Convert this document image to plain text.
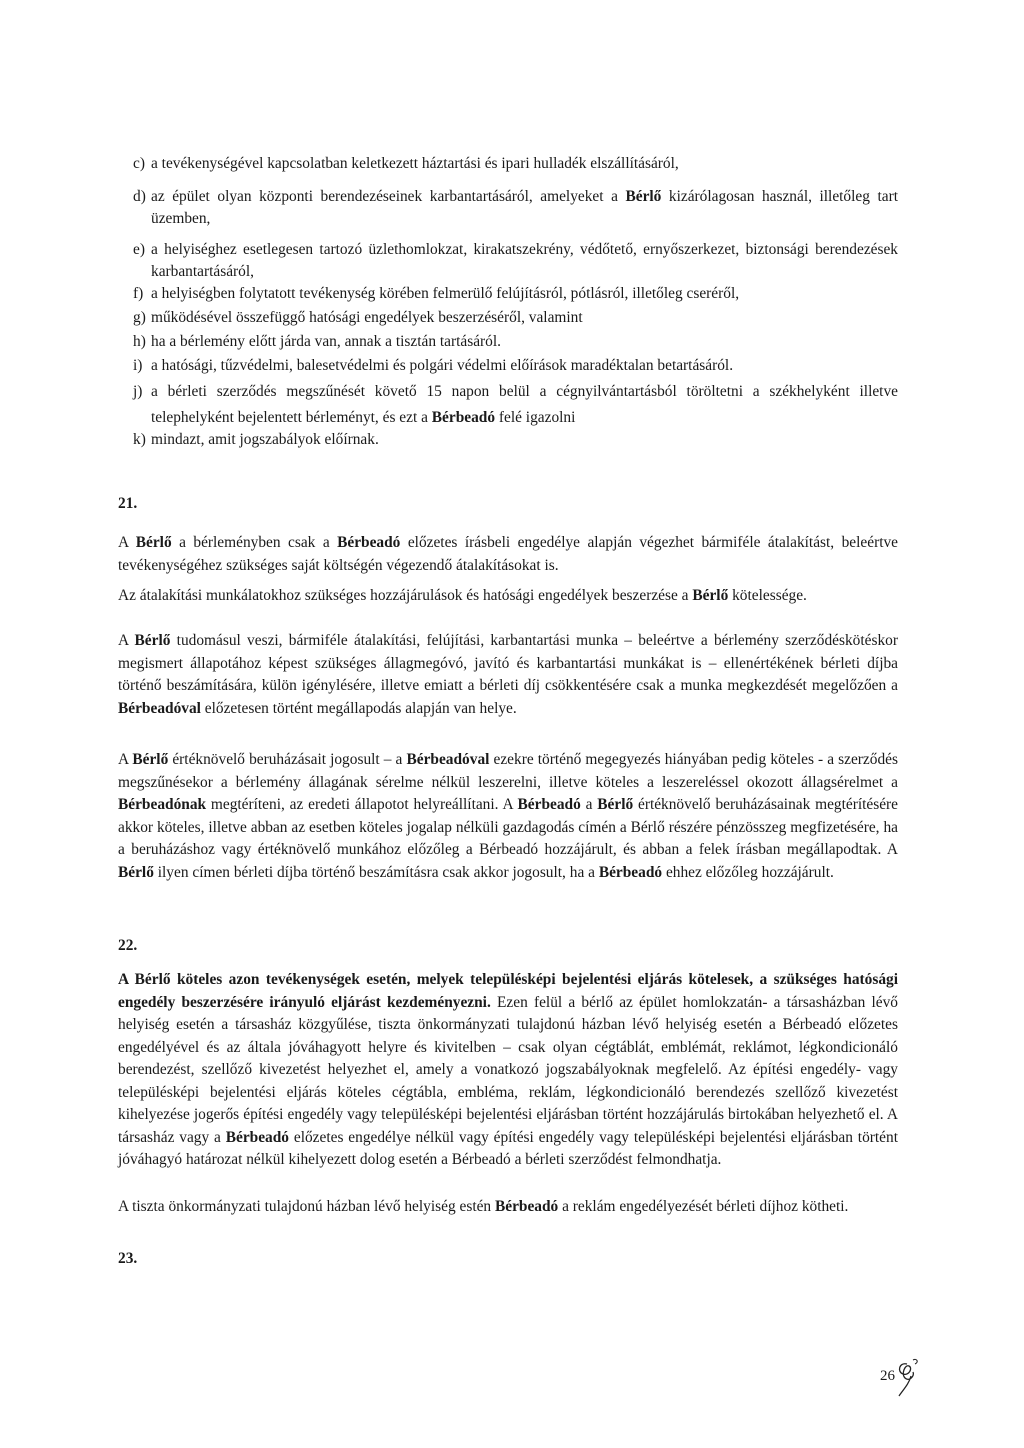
c) a tevékenységével kapcsolatban keletkezett háztartási és ipari hulladék elszállításáról,
d) az épület olyan központi berendezéseinek karbantartásáról, amelyeket a Bérlő kizárólagosan használ, illetőleg tart üzemben,
e) a helyiséghez esetlegesen tartozó üzlethomlokzat, kirakatszekrény, védőtető, ernyőszerkezet, biztonsági berendezések karbantartásáról,
f) a helyiségben folytatott tevékenység körében felmerülő felújításról, pótlásról, illetőleg cseréről,
g) működésével összefüggő hatósági engedélyek beszerzéséről, valamint
h) ha a bérlemény előtt járda van, annak a tisztán tartásáról.
i) a hatósági, tűzvédelmi, balesetvédelmi és polgári védelmi előírások maradéktalan betartásáról.
j) a bérleti szerződés megszűnését követő 15 napon belül a cégnyilvántartásból töröltetni a székhelyként illetve telephelyként bejelentett bérleményt, és ezt a Bérbeadó felé igazolni
k) mindazt, amit jogszabályok előírnak.
21.
A Bérlő a bérleményben csak a Bérbeadó előzetes írásbeli engedélye alapján végezhet bármiféle átalakítást, beleértve tevékenységéhez szükséges saját költségén végezendő átalakításokat is.
Az átalakítási munkálatokhoz szükséges hozzájárulások és hatósági engedélyek beszerzése a Bérlő kötelessége.
A Bérlő tudomásul veszi, bármiféle átalakítási, felújítási, karbantartási munka – beleértve a bérlemény szerződéskötéskor megismert állapotához képest szükséges állagmegóvó, javító és karbantartási munkákat is – ellenértékének bérleti díjba történő beszámítására, külön igénylésére, illetve emiatt a bérleti díj csökkentésére csak a munka megkezdését megelőzően a Bérbeadóval előzetesen történt megállapodás alapján van helye.
A Bérlő értéknövelő beruházásait jogosult – a Bérbeadóval ezekre történő megegyezés hiányában pedig köteles - a szerződés megszűnésekor a bérlemény állagának sérelme nélkül leszerelni, illetve köteles a leszereléssel okozott állagsérelmet a Bérbeadónak megtéríteni, az eredeti állapotot helyreállítani. A Bérbeadó a Bérlő értéknövelő beruházásainak megtérítésére akkor köteles, illetve abban az esetben köteles jogalap nélküli gazdagodás címén a Bérlő részére pénzösszeg megfizetésére, ha a beruházáshoz vagy értéknövelő munkához előzőleg a Bérbeadó hozzájárult, és abban a felek írásban megállapodtak. A Bérlő ilyen címen bérleti díjba történő beszámításra csak akkor jogosult, ha a Bérbeadó ehhez előzőleg hozzájárult.
22.
A Bérlő köteles azon tevékenységek esetén, melyek településképi bejelentési eljárás kötelesek, a szükséges hatósági engedély beszerzésére irányuló eljárást kezdeményezni. Ezen felül a bérlő az épület homlokzatán- a társasházban lévő helyiség esetén a társasház közgyűlése, tiszta önkormányzati tulajdonú házban lévő helyiség esetén a Bérbeadó előzetes engedélyével és az általa jóváhagyott helyre és kivitelben – csak olyan cégtáblát, emblémát, reklámot, légkondicionáló berendezést, szellőző kivezetést helyezhet el, amely a vonatkozó jogszabályoknak megfelelő. Az építési engedély- vagy településképi bejelentési eljárás köteles cégtábla, embléma, reklám, légkondicionáló berendezés szellőző kivezetést kihelyezése jogerős építési engedély vagy településképi bejelentési eljárásban történt hozzájárulás birtokában helyezhető el. A társasház vagy a Bérbeadó előzetes engedélye nélkül vagy építési engedély vagy településképi bejelentési eljárásban történt jóváhagyó határozat nélkül kihelyezett dolog esetén a Bérbeadó a bérleti szerződést felmondhatja.
A tiszta önkormányzati tulajdonú házban lévő helyiség estén Bérbeadó a reklám engedélyezését bérleti díjhoz kötheti.
23.
26
